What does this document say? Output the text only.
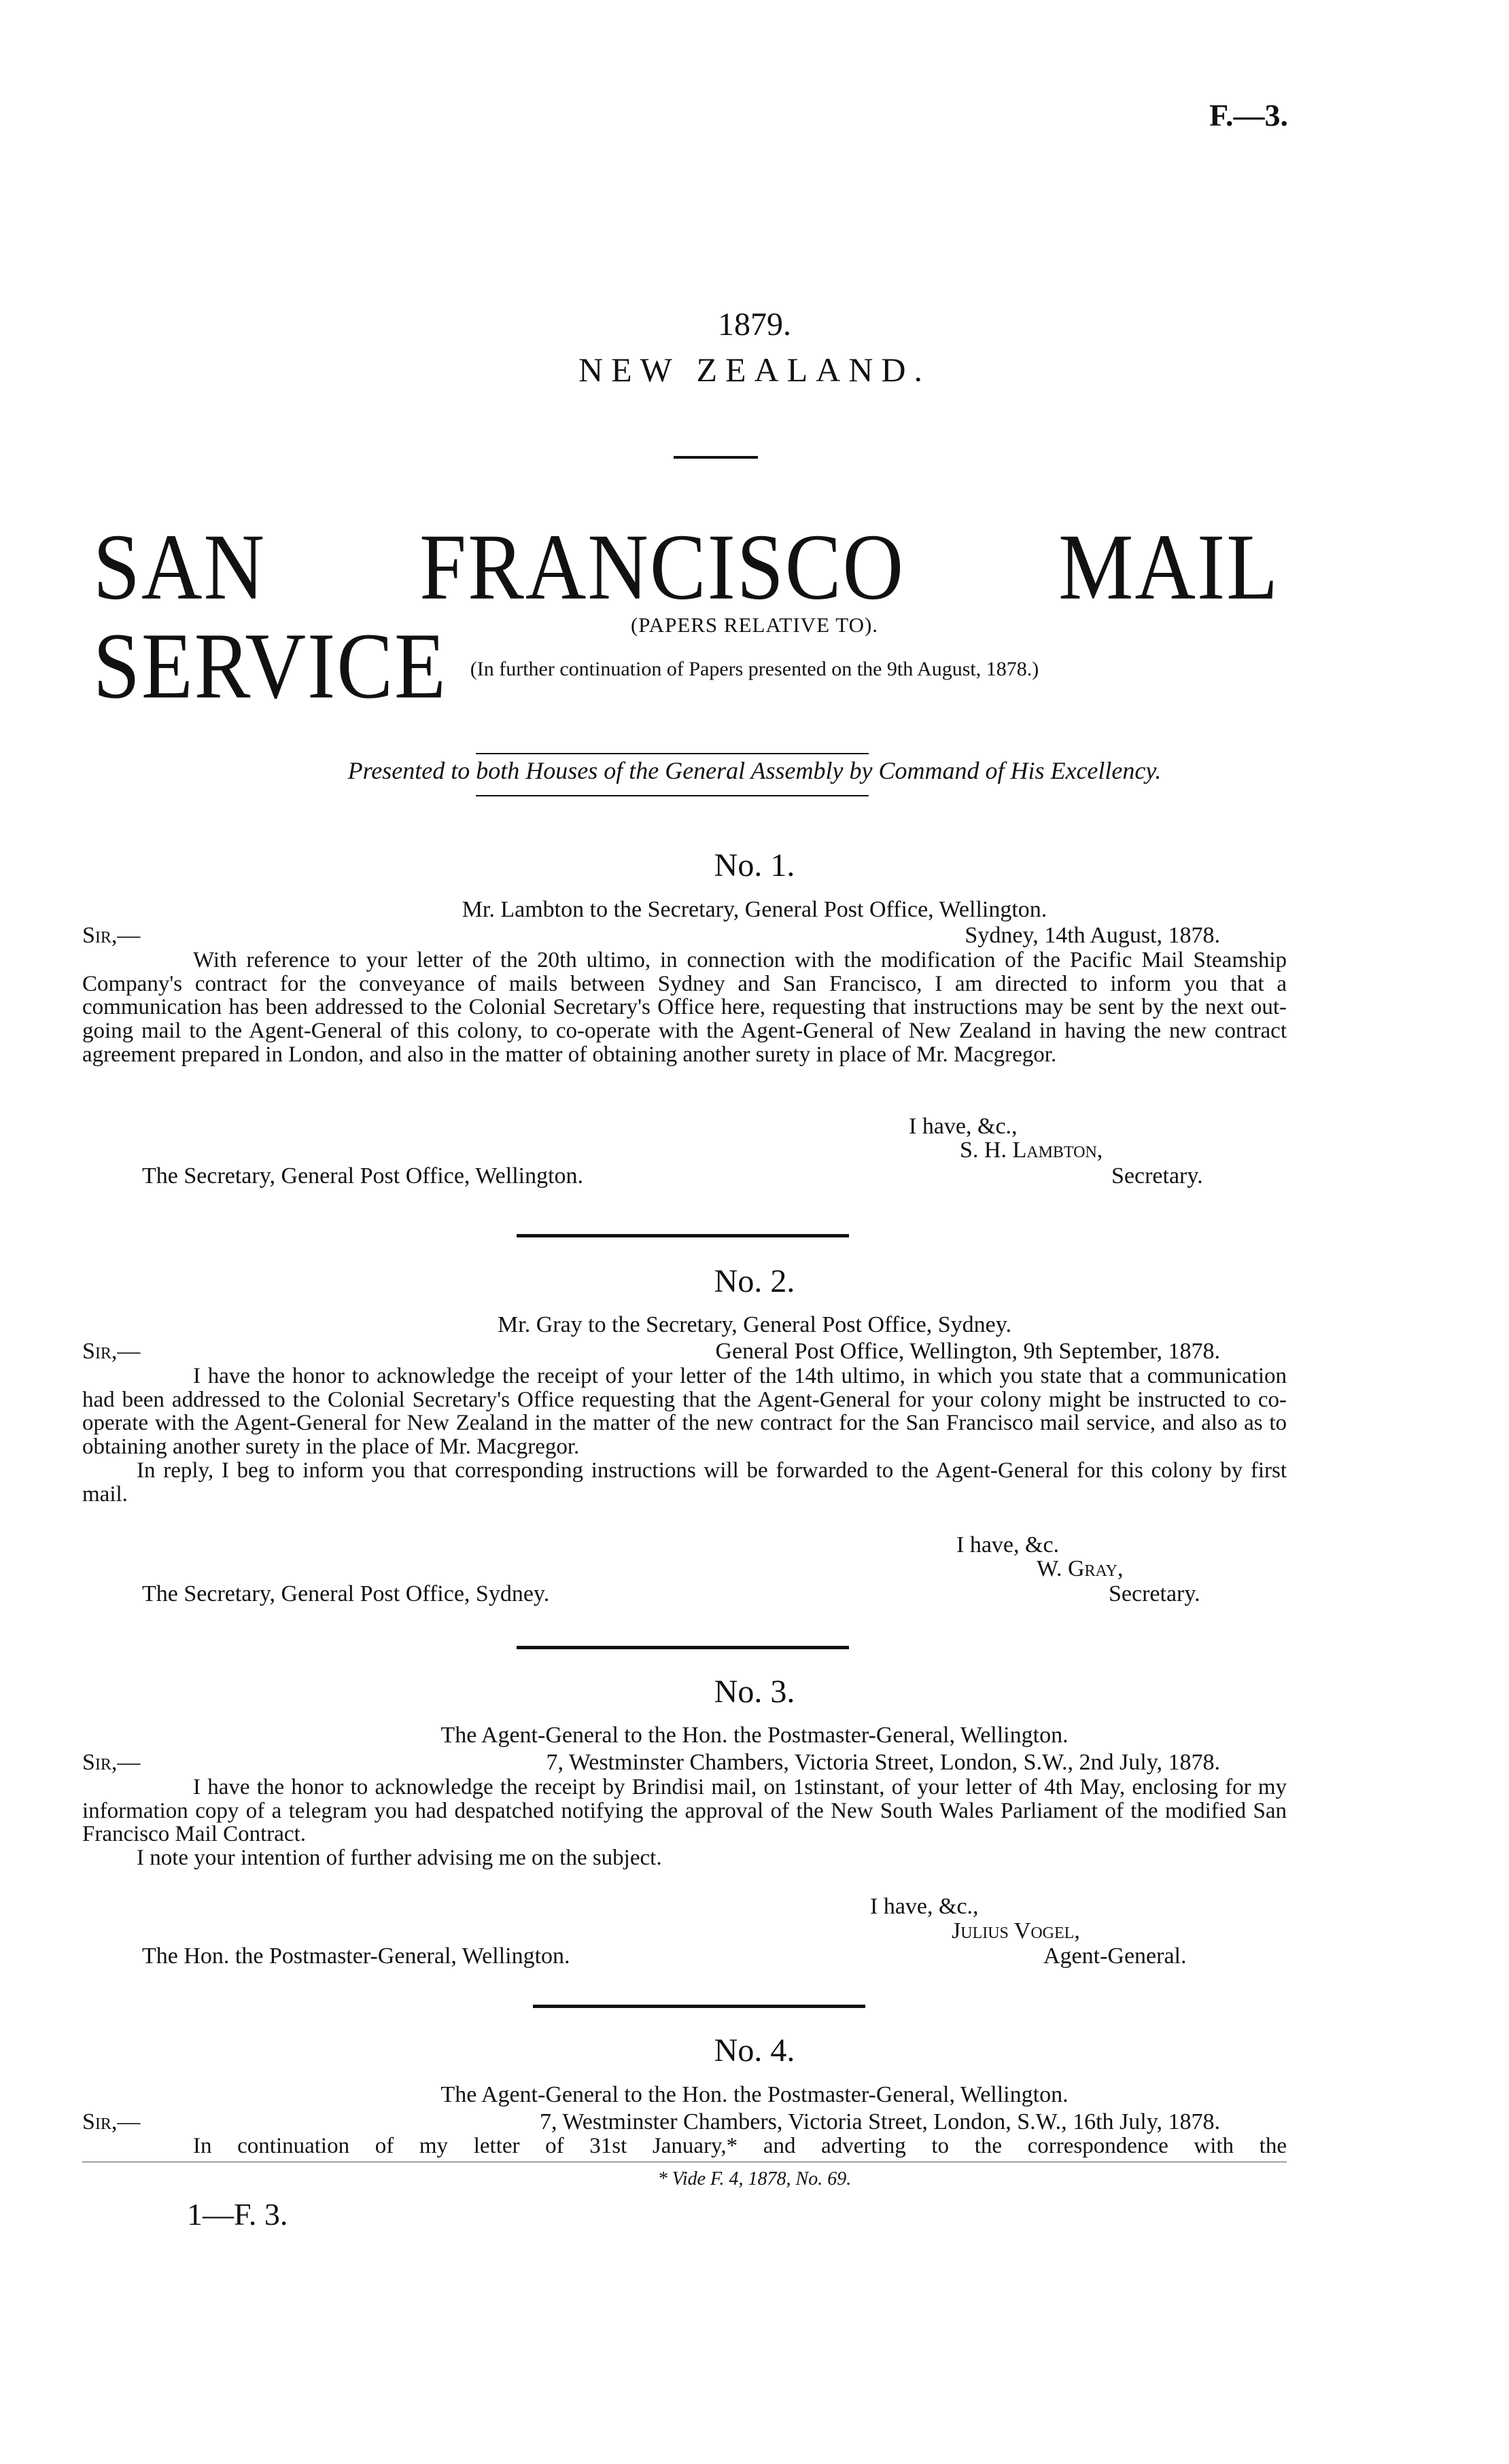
F.—3.
1879.
NEW ZEALAND.
SAN FRANCISCO MAIL SERVICE	(PAPERS RELATIVE TO).
(In further continuation of Papers presented on the 9th August, 1878.)
Presented to both Houses of the General Assembly by Command of His Excellency.
No. 1.
Mr. Lambton to the Secretary, General Post Office, Wellington.
Sir,—	Sydney, 14th August, 1878.

With reference to your letter of the 20th ultimo, in connection with the modification of the Pacific Mail Steamship Company's contract for the conveyance of mails between Sydney and San Francisco, I am directed to inform you that a communication has been addressed to the Colonial Secretary's Office here, requesting that instructions may be sent by the next out-going mail to the Agent-General of this colony, to co-operate with the Agent-General of New Zealand in having the new contract agreement prepared in London, and also in the matter of obtaining another surety in place of Mr. Macgregor.

I have, &c.,
S. H. Lambton,
The Secretary, General Post Office, Wellington.	Secretary.
No. 2.
Mr. Gray to the Secretary, General Post Office, Sydney.
Sir,—	General Post Office, Wellington, 9th September, 1878.

I have the honor to acknowledge the receipt of your letter of the 14th ultimo, in which you state that a communication had been addressed to the Colonial Secretary's Office requesting that the Agent-General for your colony might be instructed to co-operate with the Agent-General for New Zealand in the matter of the new contract for the San Francisco mail service, and also as to obtaining another surety in the place of Mr. Macgregor.

In reply, I beg to inform you that corresponding instructions will be forwarded to the Agent-General for this colony by first mail.

I have, &c.
W. Gray,
The Secretary, General Post Office, Sydney.	Secretary.
No. 3.
The Agent-General to the Hon. the Postmaster-General, Wellington.
Sir,—	7, Westminster Chambers, Victoria Street, London, S.W., 2nd July, 1878.

I have the honor to acknowledge the receipt by Brindisi mail, on 1stinstant, of your letter of 4th May, enclosing for my information copy of a telegram you had despatched notifying the approval of the New South Wales Parliament of the modified San Francisco Mail Contract.

I note your intention of further advising me on the subject.

I have, &c.,
Julius Vogel,
The Hon. the Postmaster-General, Wellington.	Agent-General.
No. 4.
The Agent-General to the Hon. the Postmaster-General, Wellington.
Sir,—	7, Westminster Chambers, Victoria Street, London, S.W., 16th July, 1878.

In continuation of my letter of 31st January,* and adverting to the correspondence with the

* Vide F. 4, 1878, No. 69.
1—F. 3.
